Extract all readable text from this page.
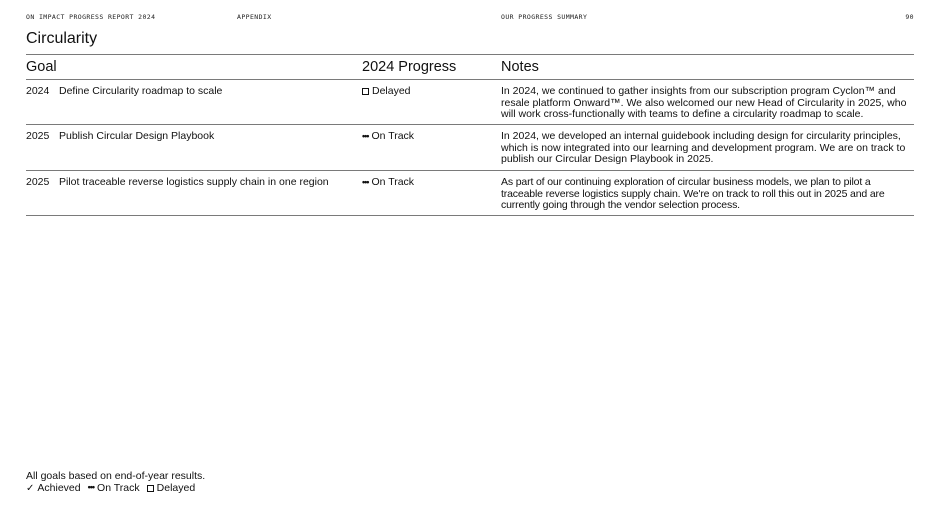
ON IMPACT PROGRESS REPORT 2024	APPENDIX	OUR PROGRESS SUMMARY	90
Circularity
Goal	2024 Progress	Notes
2024 Define Circularity roadmap to scale	Delayed	In 2024, we continued to gather insights from our subscription program Cyclon™ and resale platform Onward™. We also welcomed our new Head of Circularity in 2025, who will work cross-functionally with teams to define a circularity roadmap to scale.
2025 Publish Circular Design Playbook	••• On Track	In 2024, we developed an internal guidebook including design for circularity principles, which is now integrated into our learning and development program. We are on track to publish our Circular Design Playbook in 2025.
2025 Pilot traceable reverse logistics supply chain in one region	••• On Track	As part of our continuing exploration of circular business models, we plan to pilot a traceable reverse logistics supply chain. We're on track to roll this out in 2025 and are currently going through the vendor selection process.
All goals based on end-of-year results.
✓ Achieved ••• On Track Delayed
